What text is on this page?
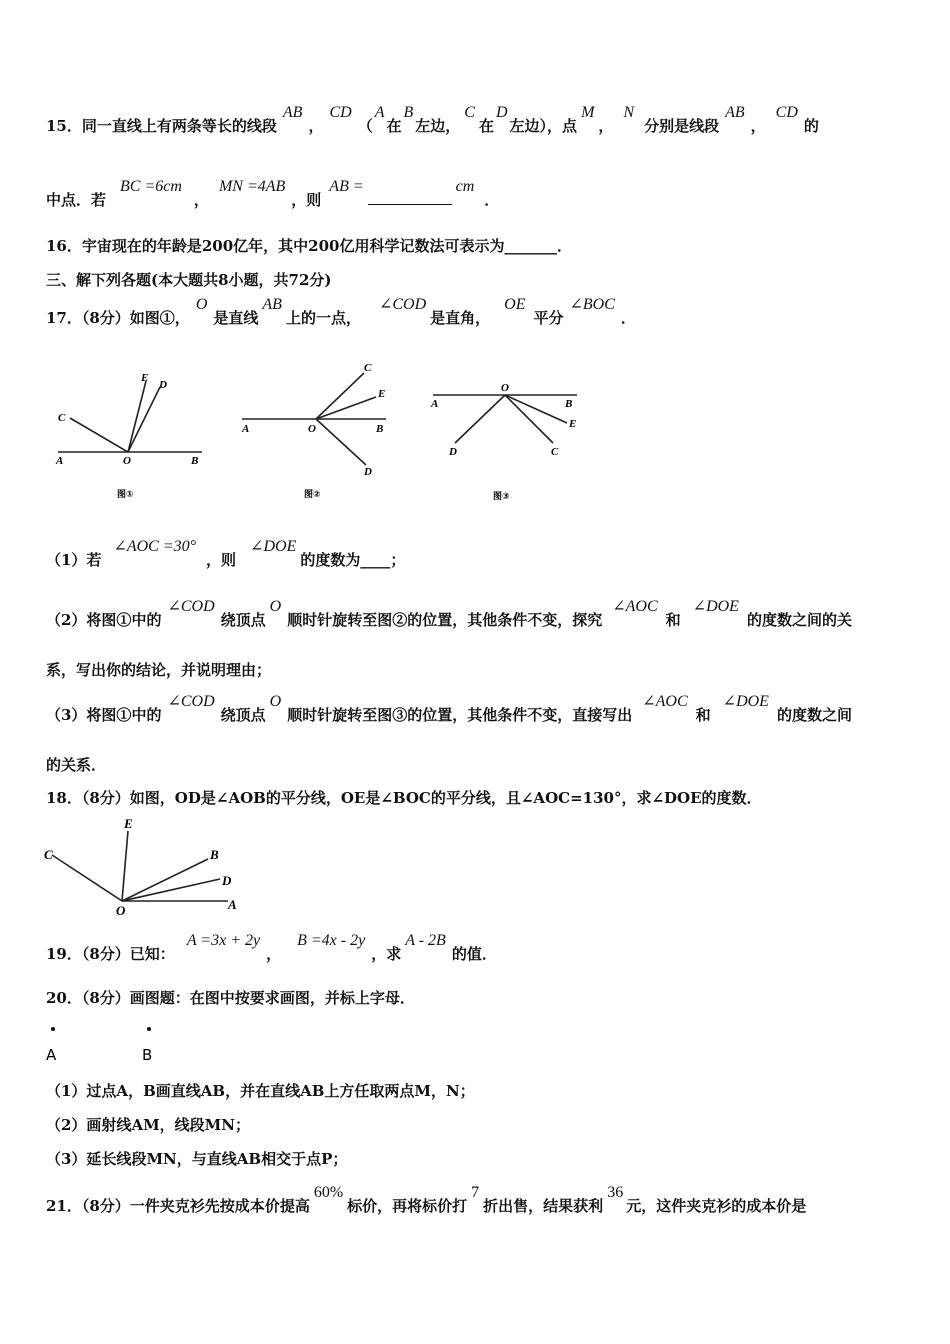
15．同一直线上有两条等长的线段AB，CD（A在B左边，C在D左边），点M，N分别是线段AB，CD的
中点．若BC =6cm，MN =4AB，则AB =	cm．
16．宇宙现在的年龄是200亿年，其中200亿用科学记数法可表示为_______．
三、解下列各题(本大题共8小题，共72分)
17．（8分）如图①，O是直线AB上的一点，∠COD是直角，OE平分∠BOC．
C
E
D
A	O	B
图①
C
E
A	O	B
D
图②
O
A	B
E
D	C
图③
（1）若∠AOC =30°，则∠DOE的度数为____；
（2）将图①中的∠COD绕顶点O顺时针旋转至图②的位置，其他条件不变，探究∠AOC和∠DOE的度数之间的关
系，写出你的结论，并说明理由；
（3）将图①中的∠COD绕顶点O顺时针旋转至图③的位置，其他条件不变，直接写出∠AOC和∠DOE的度数之间
的关系．
18．（8分）如图，OD是∠AOB的平分线，OE是∠BOC的平分线，且∠AOC=130°，求∠DOE的度数．
E
C	B
D
O	A
19．（8分）已知：A =3x + 2y，B =4x - 2y，求A - 2B的值．
20．（8分）画图题：在图中按要求画图，并标上字母．
A	B
（1）过点A，B画直线AB，并在直线AB上方任取两点M，N；
（2）画射线AM，线段MN；
（3）延长线段MN，与直线AB相交于点P；
21．（8分）一件夹克衫先按成本价提高60%标价，再将标价打7折出售，结果获利36元，这件夹克衫的成本价是
